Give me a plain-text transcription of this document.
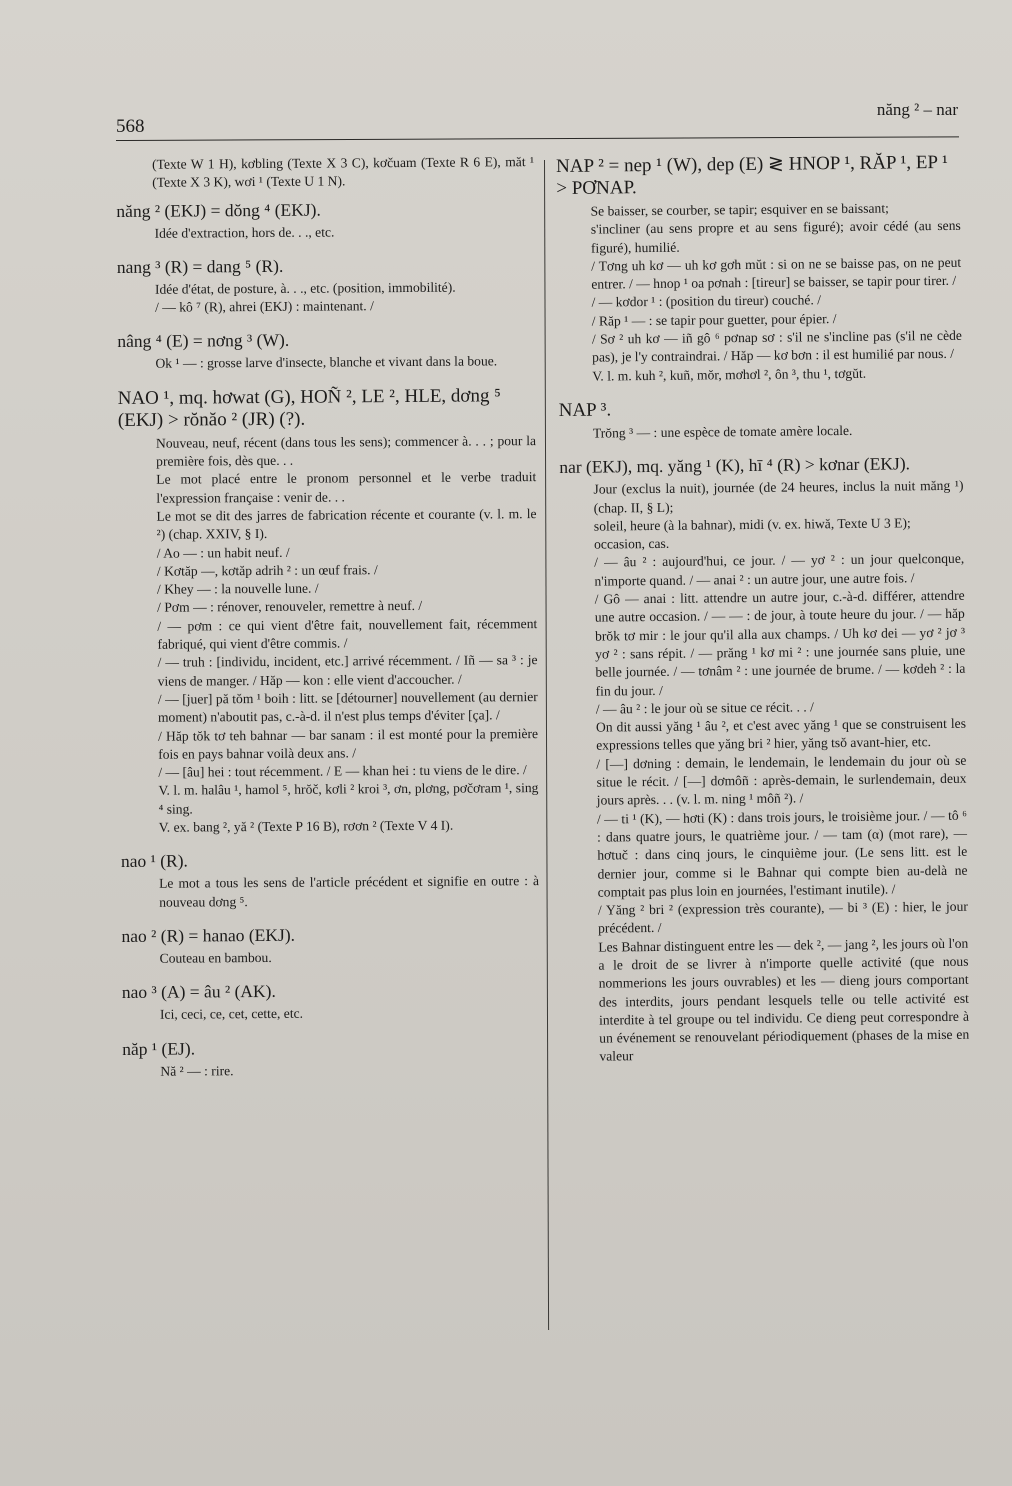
568
năng ² – nar

(Texte W 1 H), kơbling (Texte X 3 C), kơčuam (Texte R 6 E), măt ¹ (Texte X 3 K), wơi ¹ (Texte U 1 N).

năng ² (EKJ) = dŏng ⁴ (EKJ).

Idée d'extraction, hors de. . ., etc.

nang ³ (R) = dang ⁵ (R).

Idée d'état, de posture, à. . ., etc. (position, immobilité).

/ — kô ⁷ (R), ahrei (EKJ) : maintenant. /

nâng ⁴ (E) = nơng ³ (W).

Ok ¹ — : grosse larve d'insecte, blanche et vivant dans la boue.

NAO ¹, mq. hơwat (G), HOÑ ², LE ², HLE, dơng ⁵ (EKJ) > rŏnăo ² (JR) (?).

Nouveau, neuf, récent (dans tous les sens); commencer à. . . ; pour la première fois, dès que. . .

Le mot placé entre le pronom personnel et le verbe traduit l'expression française : venir de. . .

Le mot se dit des jarres de fabrication récente et courante (v. l. m. le ²) (chap. XXIV, § I).

/ Ao — : un habit neuf. /

/ Kơtăp —, kơtăp adrih ² : un œuf frais. /

/ Khey — : la nouvelle lune. /

/ Pơm — : rénover, renouveler, remettre à neuf. /

/ — pơm : ce qui vient d'être fait, nouvellement fait, récemment fabriqué, qui vient d'être commis. /

/ — truh : [individu, incident, etc.] arrivé récemment. / Iñ — sa ³ : je viens de manger. / Hăp — kon : elle vient d'accoucher. /

/ — [juer] pă tŏm ¹ boih : litt. se [détourner] nouvellement (au dernier moment) n'aboutit pas, c.-à-d. il n'est plus temps d'éviter [ça]. /

/ Hăp tŏk tơ teh bahnar — bar sanam : il est monté pour la première fois en pays bahnar voilà deux ans. /

/ — [âu] hei : tout récemment. / E — khan hei : tu viens de le dire. /

V. l. m. halâu ¹, hamol ⁵, hrŏč, kơli ² kroi ³, ơn, plơng, pơčơram ¹, sing ⁴ sing.

V. ex. bang ², yă ² (Texte P 16 B), rơơn ² (Texte V 4 I).

nao ¹ (R).

Le mot a tous les sens de l'article précédent et signifie en outre : à nouveau dơng ⁵.

nao ² (R) = hanao (EKJ).

Couteau en bambou.

nao ³ (A) = âu ² (AK).

Ici, ceci, ce, cet, cette, etc.

năp ¹ (EJ).

Nă ² — : rire.

NAP ² = nep ¹ (W), dep (E) ≷ HNOP ¹, RĂP ¹, EP ¹ > PƠNAP.

Se baisser, se courber, se tapir; esquiver en se baissant;

s'incliner (au sens propre et au sens figuré); avoir cédé (au sens figuré), humilié.

/ Tơng uh kơ — uh kơ gơh mŭt : si on ne se baisse pas, on ne peut entrer. / — hnop ¹ oa pơnah : [tireur] se baisser, se tapir pour tirer. /

/ — kơdor ¹ : (position du tireur) couché. /

/ Răp ¹ — : se tapir pour guetter, pour épier. /

/ Sơ ² uh kơ — iñ gô ⁶ pơnap sơ : s'il ne s'incline pas (s'il ne cède pas), je l'y contraindrai. / Hăp — kơ bơn : il est humilié par nous. /

V. l. m. kuh ², kuñ, mŏr, mơhơl ², ôn ³, thu ¹, tơgŭt.

NAP ³.

Trŏng ³ — : une espèce de tomate amère locale.

nar (EKJ), mq. yăng ¹ (K), hī ⁴ (R) > kơnar (EKJ).

Jour (exclus la nuit), journée (de 24 heures, inclus la nuit măng ¹) (chap. II, § L);

soleil, heure (à la bahnar), midi (v. ex. hiwă, Texte U 3 E);

occasion, cas.

/ — âu ² : aujourd'hui, ce jour. / — yơ ² : un jour quelconque, n'importe quand. / — anai ² : un autre jour, une autre fois. /

/ Gô — anai : litt. attendre un autre jour, c.-à-d. différer, attendre une autre occasion. / — — : de jour, à toute heure du jour. / — hăp brŏk tơ mir : le jour qu'il alla aux champs. / Uh kơ dei — yơ ² jơ ³ yơ ² : sans répit. / — prăng ¹ kơ mi ² : une journée sans pluie, une belle journée. / — tơnâm ² : une journée de brume. / — kơdeh ² : la fin du jour. /

/ — âu ² : le jour où se situe ce récit. . . /

On dit aussi yăng ¹ âu ², et c'est avec yăng ¹ que se construisent les expressions telles que yăng bri ² hier, yăng tsŏ avant-hier, etc.

/ [—] dơning : demain, le lendemain, le lendemain du jour où se situe le récit. / [—] dơmôñ : après-demain, le surlendemain, deux jours après. . . (v. l. m. ning ¹ môñ ²). /

/ — ti ¹ (K), — hơti (K) : dans trois jours, le troisième jour. / — tô ⁶ : dans quatre jours, le quatrième jour. / — tam (α) (mot rare), — hơtuč : dans cinq jours, le cinquième jour. (Le sens litt. est le dernier jour, comme si le Bahnar qui compte bien au-delà ne comptait pas plus loin en journées, l'estimant inutile). /

/ Yăng ² bri ² (expression très courante), — bi ³ (E) : hier, le jour précédent. /

Les Bahnar distinguent entre les — dek ², — jang ², les jours où l'on a le droit de se livrer à n'importe quelle activité (que nous nommerions les jours ouvrables) et les — dieng jours comportant des interdits, jours pendant lesquels telle ou telle activité est interdite à tel groupe ou tel individu. Ce dieng peut correspondre à un événement se renouvelant périodiquement (phases de la mise en valeur
